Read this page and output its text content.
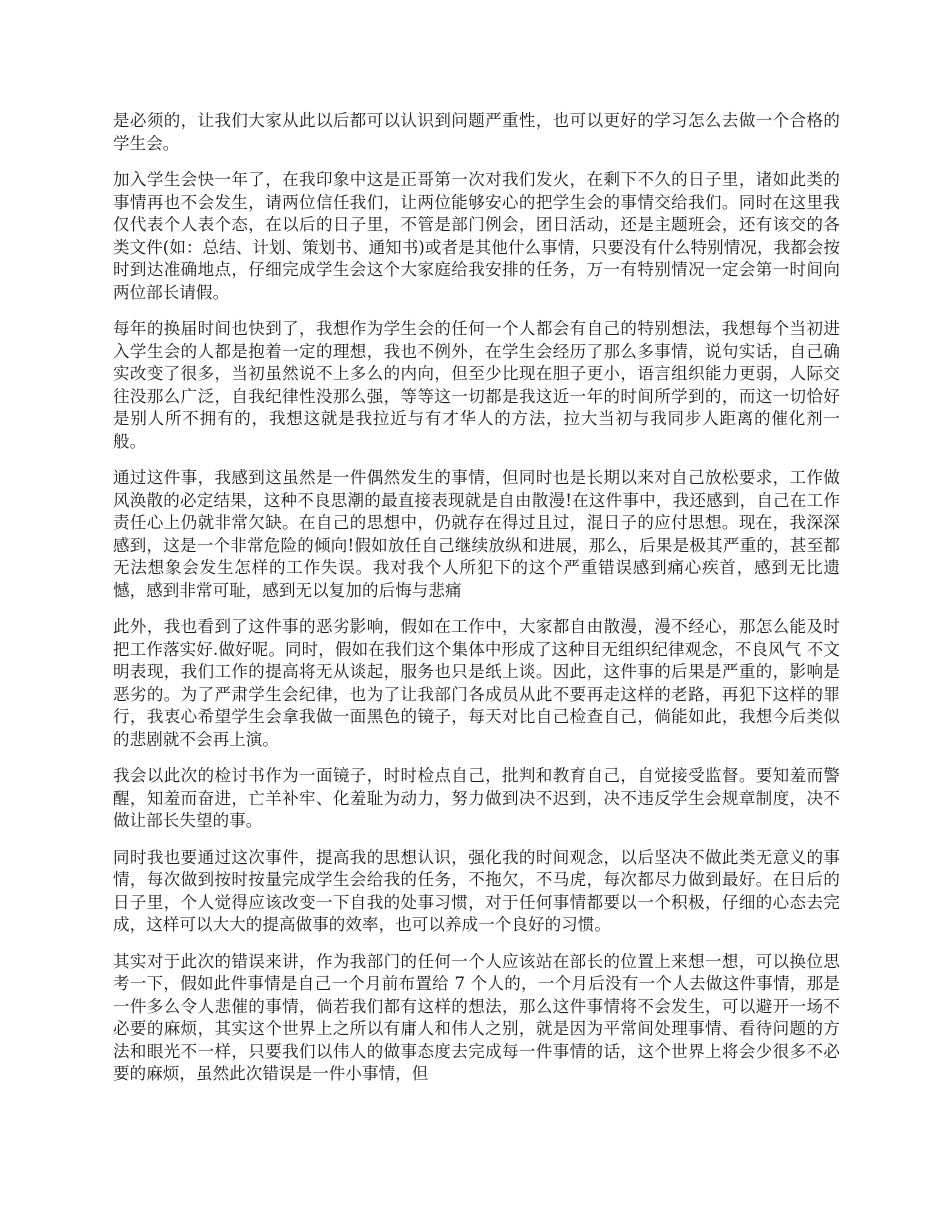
是必须的，让我们大家从此以后都可以认识到问题严重性，也可以更好的学习怎么去做一个合格的学生会。

加入学生会快一年了，在我印象中这是正哥第一次对我们发火，在剩下不久的日子里，诸如此类的事情再也不会发生，请两位信任我们，让两位能够安心的把学生会的事情交给我们。同时在这里我仅代表个人表个态，在以后的日子里，不管是部门例会，团日活动，还是主题班会，还有该交的各类文件(如：总结、计划、策划书、通知书)或者是其他什么事情，只要没有什么特别情况，我都会按时到达准确地点，仔细完成学生会这个大家庭给我安排的任务，万一有特别情况一定会第一时间向两位部长请假。

每年的换届时间也快到了，我想作为学生会的任何一个人都会有自己的特别想法，我想每个当初进入学生会的人都是抱着一定的理想，我也不例外，在学生会经历了那么多事情，说句实话，自己确实改变了很多，当初虽然说不上多么的内向，但至少比现在胆子更小，语言组织能力更弱，人际交往没那么广泛，自我纪律性没那么强，等等这一切都是我这近一年的时间所学到的，而这一切恰好是别人所不拥有的，我想这就是我拉近与有才华人的方法，拉大当初与我同步人距离的催化剂一般。

通过这件事，我感到这虽然是一件偶然发生的事情，但同时也是长期以来对自己放松要求，工作做风涣散的必定结果，这种不良思潮的最直接表现就是自由散漫!在这件事中，我还感到，自己在工作责任心上仍就非常欠缺。在自己的思想中，仍就存在得过且过，混日子的应付思想。现在，我深深感到，这是一个非常危险的倾向!假如放任自己继续放纵和进展，那么，后果是极其严重的，甚至都无法想象会发生怎样的工作失误。我对我个人所犯下的这个严重错误感到痛心疾首，感到无比遗憾，感到非常可耻，感到无以复加的后悔与悲痛

此外，我也看到了这件事的恶劣影响，假如在工作中，大家都自由散漫，漫不经心，那怎么能及时把工作落实好.做好呢。同时，假如在我们这个集体中形成了这种目无组织纪律观念，不良风气 不文明表现，我们工作的提高将无从谈起，服务也只是纸上谈。因此，这件事的后果是严重的，影响是恶劣的。为了严肃学生会纪律，也为了让我部门各成员从此不要再走这样的老路，再犯下这样的罪行，我衷心希望学生会拿我做一面黑色的镜子，每天对比自己检查自己，倘能如此，我想今后类似的悲剧就不会再上演。

我会以此次的检讨书作为一面镜子，时时检点自己，批判和教育自己，自觉接受监督。要知羞而警醒，知羞而奋进，亡羊补牢、化羞耻为动力，努力做到决不迟到，决不违反学生会规章制度，决不做让部长失望的事。

同时我也要通过这次事件，提高我的思想认识，强化我的时间观念，以后坚决不做此类无意义的事情，每次做到按时按量完成学生会给我的任务，不拖欠，不马虎，每次都尽力做到最好。在日后的日子里，个人觉得应该改变一下自我的处事习惯，对于任何事情都要以一个积极，仔细的心态去完成，这样可以大大的提高做事的效率，也可以养成一个良好的习惯。

其实对于此次的错误来讲，作为我部门的任何一个人应该站在部长的位置上来想一想，可以换位思考一下，假如此件事情是自己一个月前布置给 7 个人的，一个月后没有一个人去做这件事情，那是一件多么令人悲催的事情，倘若我们都有这样的想法，那么这件事情将不会发生，可以避开一场不必要的麻烦，其实这个世界上之所以有庸人和伟人之别，就是因为平常间处理事情、看待问题的方法和眼光不一样，只要我们以伟人的做事态度去完成每一件事情的话，这个世界上将会少很多不必要的麻烦，虽然此次错误是一件小事情，但
